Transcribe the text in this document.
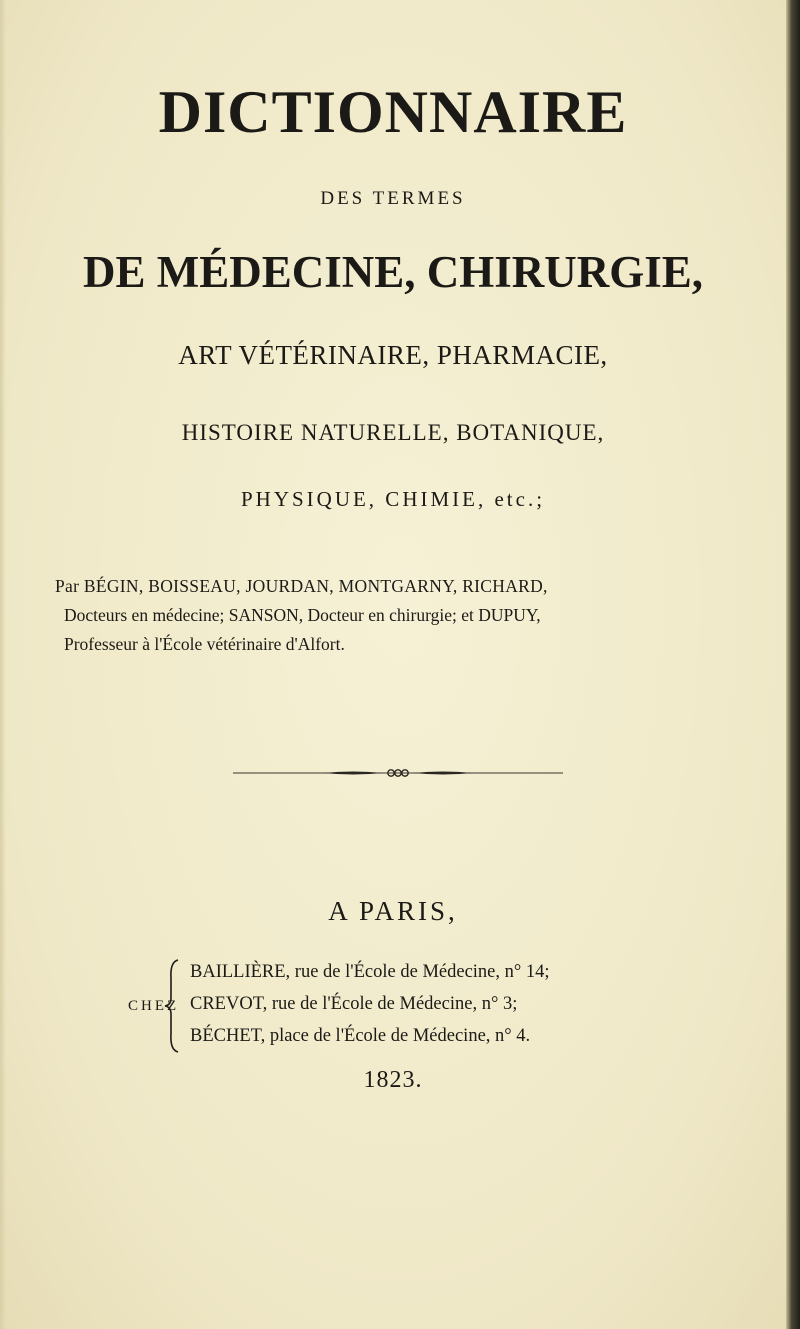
DICTIONNAIRE
DES TERMES
DE MÉDECINE, CHIRURGIE,
ART VÉTÉRINAIRE, PHARMACIE,
HISTOIRE NATURELLE, BOTANIQUE,
PHYSIQUE, CHIMIE, etc.;
Par BÉGIN, BOISSEAU, JOURDAN, MONTGARNY, RICHARD,
Docteurs en médecine; SANSON, Docteur en chirurgie; et DUPUY,
Professeur à l'École vétérinaire d'Alfort.
A PARIS,
CHEZ
BAILLIÈRE, rue de l'École de Médecine, n° 14;
CREVOT, rue de l'École de Médecine, n° 3;
BÉCHET, place de l'École de Médecine, n° 4.
1823.
